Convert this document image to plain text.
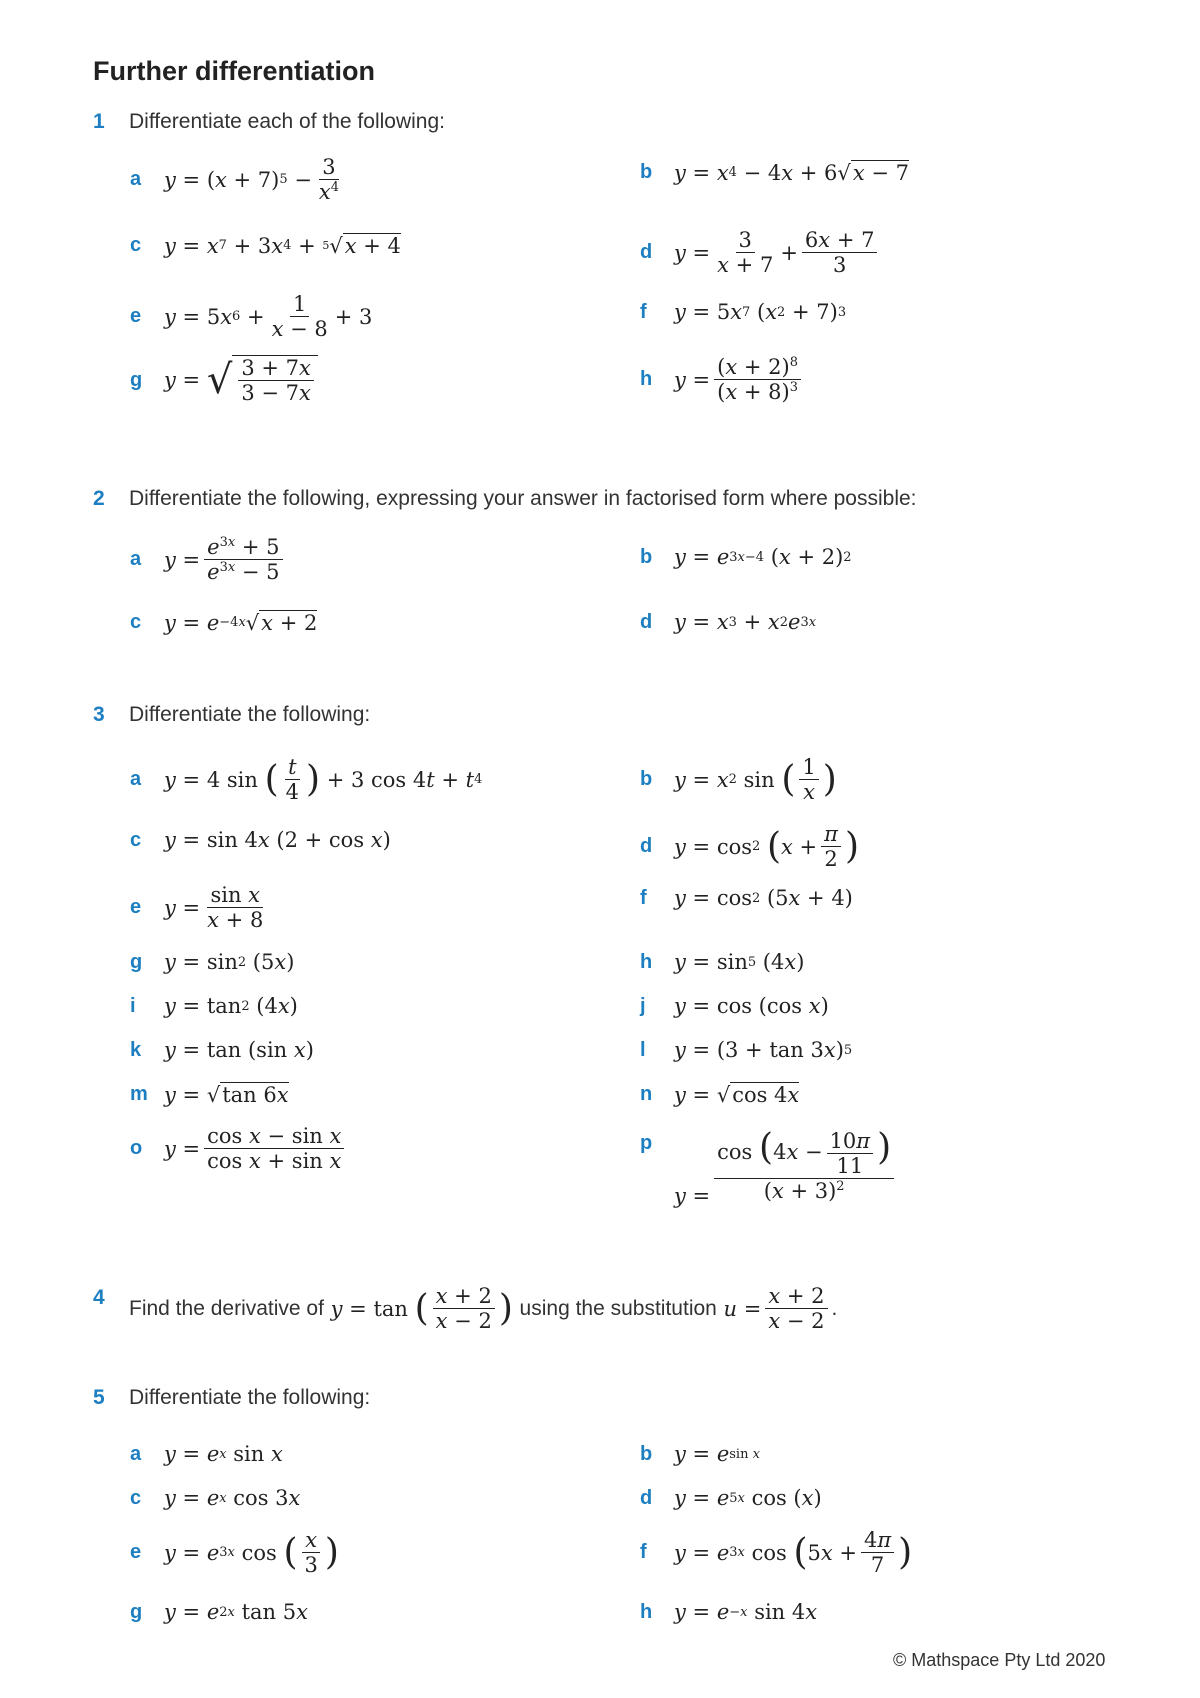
Further differentiation
1	Differentiate each of the following:
a	y = ( x + 7) 5 −
3
$x^4$
b	y = x 4 − 4 x + 6√ x − 7
c	y = x 7 + 3 x 4 + 5 √ x + 4	d	y =
3
x + 7
+
6x + 7
3
e	y = 5 x 6 +
1
x − 8
+ 3	f	y = 5 x 7 ( x 2 + 7) 3
g	y = √ $\frac{3 + 7x}{3 - 7x}$	h	y =
$(x + 2)^8$
$(x + 8)^3$
2	Differentiate the following, expressing your answer in factorised form where possible:
a	y =
$e^{3x} + 5$
$e^{3x} - 5$
b	y = e 3x−4 ( x + 2) 2
c	y = e −4x √ x + 2	d	y = x 3 + x 2 e 3x
3	Differentiate the following:
a	y = 4 sin ( t
4 ) + 3 cos 4 t + t 4	b	y = x 2 sin ( 1
x )
c	y = sin 4 x (2 + cos x )	d	y = cos 2
( x +
π
2 )
e	y =
sin x
x + 8
f	y = cos 2 (5 x + 4)
g	y = sin 2 (5 x )	h	y = sin 5 (4 x )
i	y = tan 2 (4 x )	j	y = cos (cos x )
k	y = tan (sin x )	l	y = (3 + tan 3 x ) 5
m y = √ tan 6x	n	y = √ cos 4x
o	y =
cos x − sin x
cos x + sin x
p
y =
$\cos (4x - \frac{10\pi}{11}$ )
$(x + 3)^2$
4	Find the derivative of
y = tan ( x + 2
x − 2 )
using the substitution
u =
x + 2
x − 2
.
5	Differentiate the following:
a	y = e x sin x	b	y = e sin x
c	y = e x cos 3 x	d	y = e 5x cos ( x )
e	y = e 3x cos ( x
3 )	f	y = e 3x cos ( 5 x +
4π
7 )
g	y = e 2x tan 5 x	h	y = e −x sin 4 x
© Mathspace Pty Ltd 2020
